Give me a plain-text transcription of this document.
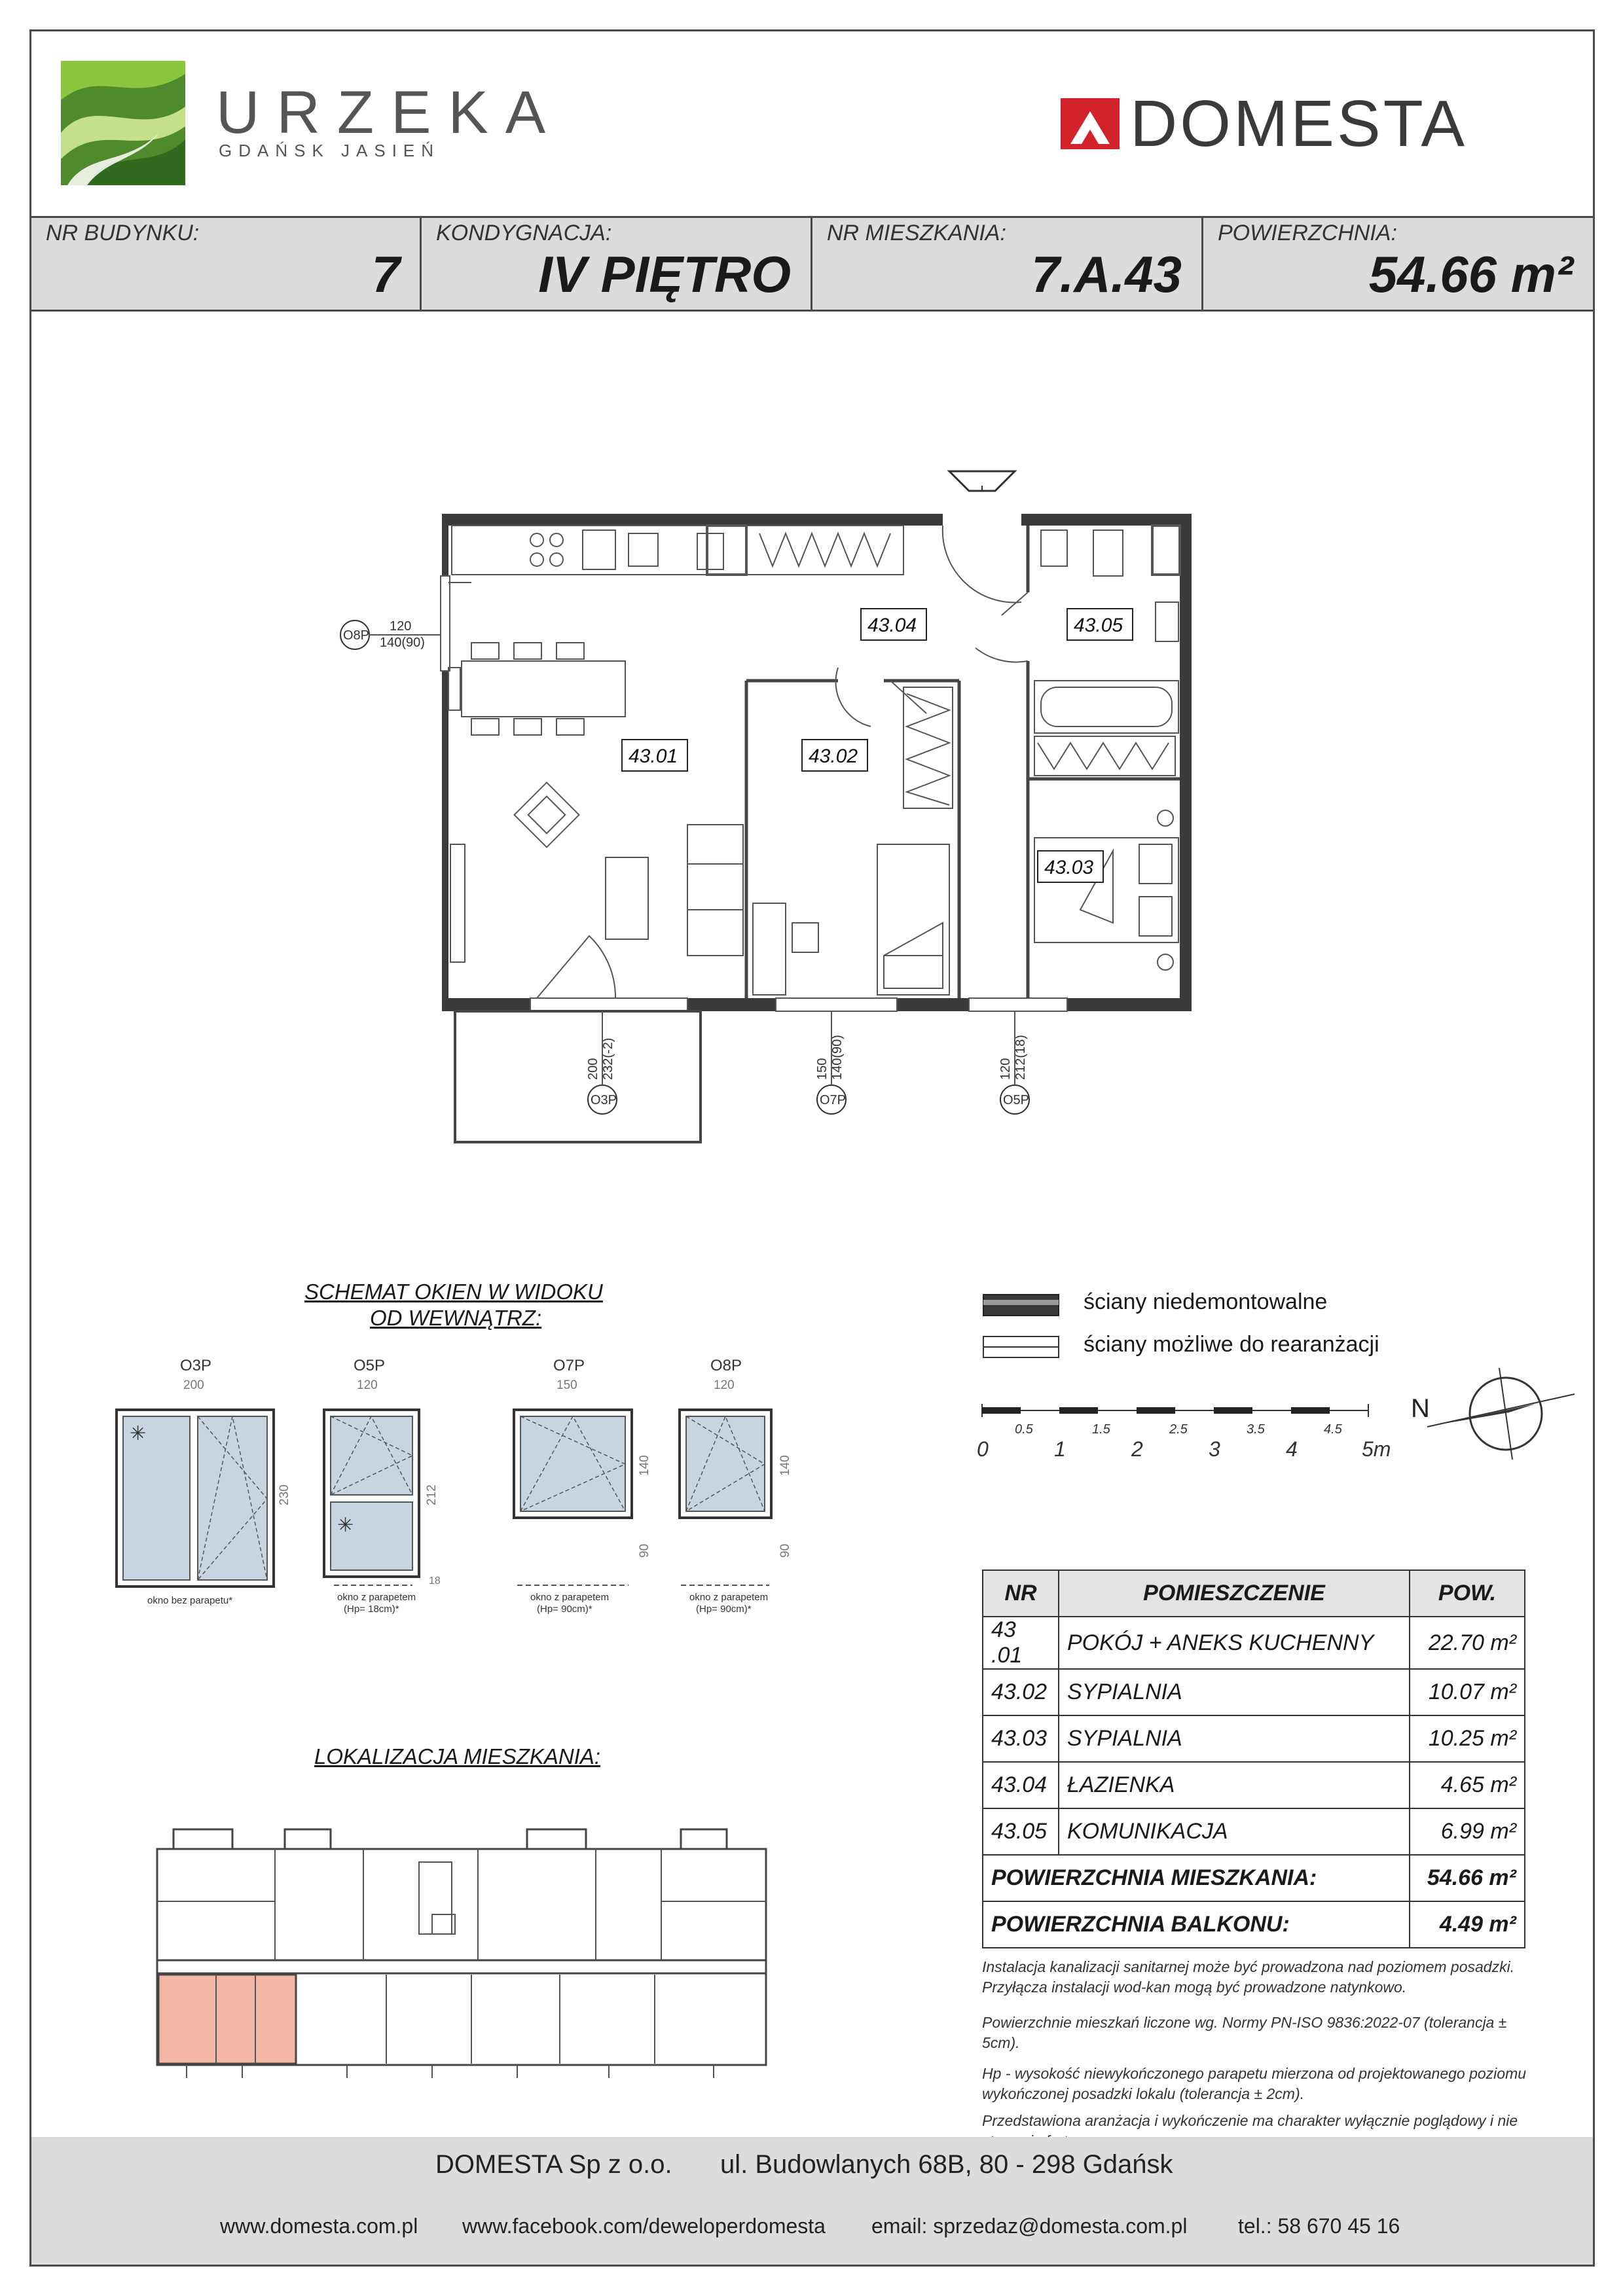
URZEKA
GDAŃSK JASIEŃ	DOMESTA
NR BUDYNKU:
7
KONDYGNACJA:
IV PIĘTRO
NR MIESZKANIA:
7.A.43
POWIERZCHNIA:
54.66 m²
43.04	43.05
43.01	43.02
43.03
O8P
120
140(90)
O3P
200 232(-2)
O7P
150 140(90)
O5P
120 212(18)
SCHEMAT OKIEN W WIDOKU
OD WEWNĄTRZ:
O3P
200
✳
230
okno bez parapetu*
O5P
120
✳
212
18
okno z parapetem
(Hp= 18cm)*
O7P
150
140
90
okno z parapetem
(Hp= 90cm)*
O8P
120
140
90
okno z parapetem
(Hp= 90cm)*
ściany niedemontowalne
ściany możliwe do rearanżacji
0.5	1.5	2.5	3.5	4.5
0	1	2	3	4	5m
N
LOKALIZACJA MIESZKANIA:
NR	POMIESZCZENIE	POW.
43 .01	POKÓJ + ANEKS KUCHENNY	22.70 m²
43.02	SYPIALNIA	10.07 m²
43.03	SYPIALNIA	10.25 m²
43.04	ŁAZIENKA	4.65 m²
43.05	KOMUNIKACJA	6.99 m²
POWIERZCHNIA MIESZKANIA:		54.66 m²
POWIERZCHNIA BALKONU:		4.49 m²
Instalacja kanalizacji sanitarnej może być prowadzona nad poziomem posadzki. Przyłącza instalacji wod-kan mogą być prowadzone natynkowo.
Powierzchnie mieszkań liczone wg. Normy PN-ISO 9836:2022-07 (tolerancja ± 5cm).
Hp - wysokość niewykończonego parapetu mierzona od projektowanego poziomu wykończonej posadzki lokalu (tolerancja ± 2cm).
Przedstawiona aranżacja i wykończenie ma charakter wyłącznie poglądowy i nie
DOMESTA Sp z o.o. ul. Budowlanych 68B, 80 - 298 Gdańsk
www.domesta.com.pl www.facebook.com/deweloperdomesta email: sprzedaz@domesta.com.pl tel.: 58 670 45 16
